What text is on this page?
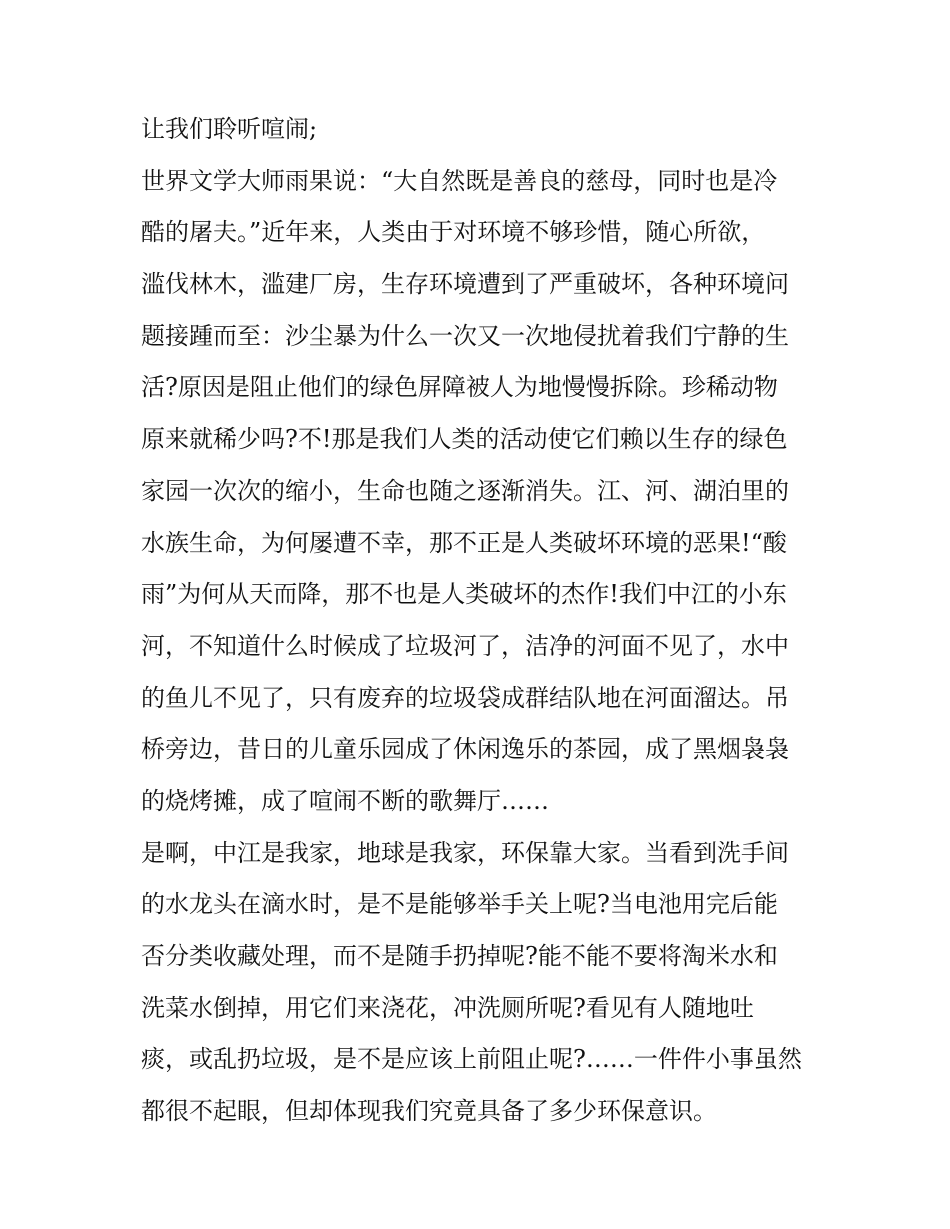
让我们聆听喧闹;
世界文学大师雨果说：“大自然既是善良的慈母，同时也是冷
酷的屠夫。”近年来，人类由于对环境不够珍惜，随心所欲，
滥伐林木，滥建厂房，生存环境遭到了严重破坏，各种环境问
题接踵而至：沙尘暴为什么一次又一次地侵扰着我们宁静的生
活?原因是阻止他们的绿色屏障被人为地慢慢拆除。珍稀动物
原来就稀少吗?不!那是我们人类的活动使它们赖以生存的绿色
家园一次次的缩小，生命也随之逐渐消失。江、河、湖泊里的
水族生命，为何屡遭不幸，那不正是人类破坏环境的恶果!“酸
雨”为何从天而降，那不也是人类破坏的杰作!我们中江的小东
河，不知道什么时候成了垃圾河了，洁净的河面不见了，水中
的鱼儿不见了，只有废弃的垃圾袋成群结队地在河面溜达。吊
桥旁边，昔日的儿童乐园成了休闲逸乐的茶园，成了黑烟袅袅
的烧烤摊，成了喧闹不断的歌舞厅……
是啊，中江是我家，地球是我家，环保靠大家。当看到洗手间
的水龙头在滴水时，是不是能够举手关上呢?当电池用完后能
否分类收藏处理，而不是随手扔掉呢?能不能不要将淘米水和
洗菜水倒掉，用它们来浇花，冲洗厕所呢?看见有人随地吐
痰，或乱扔垃圾，是不是应该上前阻止呢?……一件件小事虽然
都很不起眼，但却体现我们究竟具备了多少环保意识。
